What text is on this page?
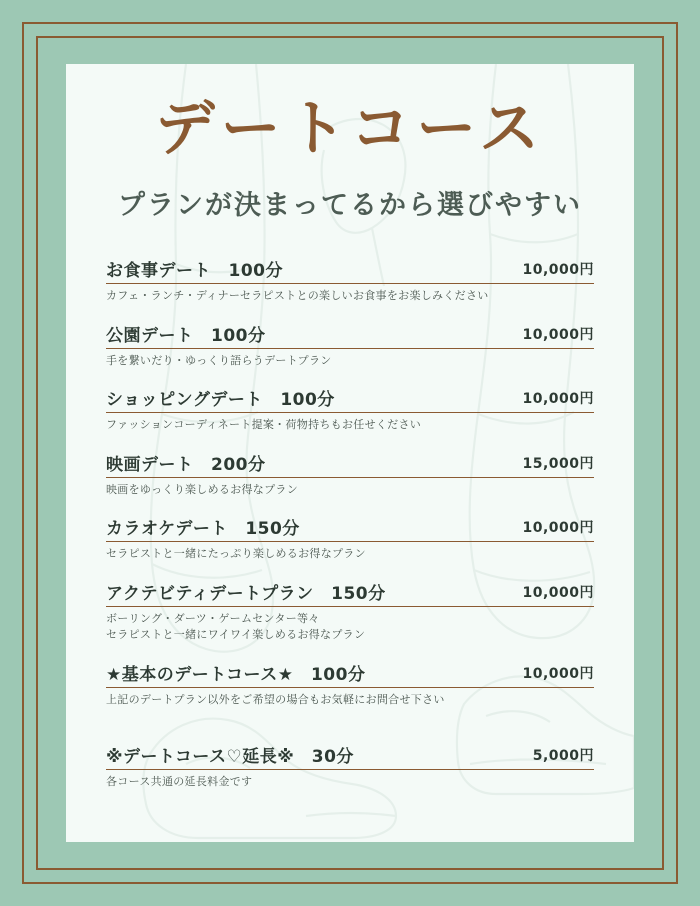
デートコース
プランが決まってるから選びやすい
お食事デート　100分	10,000円
カフェ・ランチ・ディナーセラピストとの楽しいお食事をお楽しみください
公園デート　100分	10,000円
手を繋いだり・ゆっくり語らうデートプラン
ショッピングデート　100分	10,000円
ファッションコーディネート提案・荷物持ちもお任せください
映画デート　200分	15,000円
映画をゆっくり楽しめるお得なプラン
カラオケデート　150分	10,000円
セラピストと一緒にたっぷり楽しめるお得なプラン
アクテビティデートプラン　150分	10,000円
ボーリング・ダーツ・ゲームセンター等々
セラピストと一緒にワイワイ楽しめるお得なプラン
★基本のデートコース★　100分	10,000円
上記のデートプラン以外をご希望の場合もお気軽にお問合せ下さい
※デートコース♡延長※　30分	5,000円
各コース共通の延長料金です
